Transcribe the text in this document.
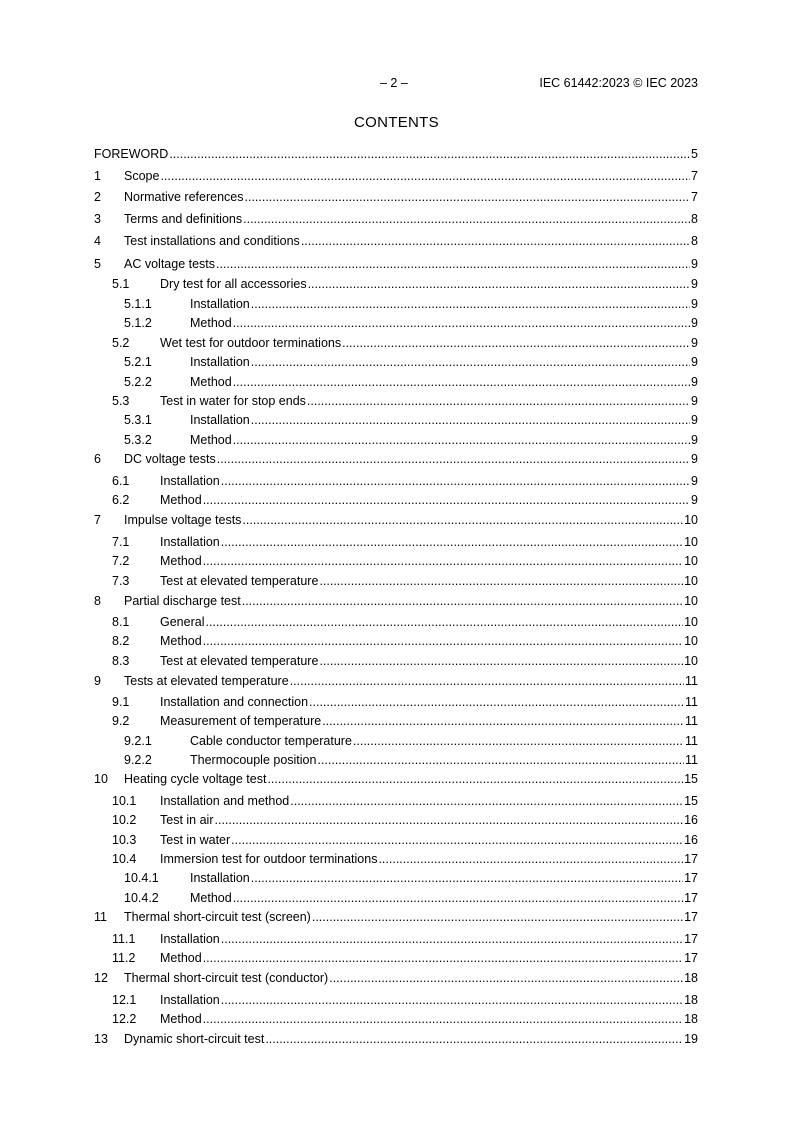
– 2 –	IEC 61442:2023 © IEC 2023
CONTENTS
FOREWORD .....	5
1	Scope .....	7
2	Normative references .....	7
3	Terms and definitions .....	8
4	Test installations and conditions .....	8
5	AC voltage tests .....	9
5.1	Dry test for all accessories .....	9
5.1.1	Installation .....	9
5.1.2	Method .....	9
5.2	Wet test for outdoor terminations .....	9
5.2.1	Installation .....	9
5.2.2	Method .....	9
5.3	Test in water for stop ends .....	9
5.3.1	Installation .....	9
5.3.2	Method .....	9
6	DC voltage tests .....	9
6.1	Installation .....	9
6.2	Method .....	9
7	Impulse voltage tests .....	10
7.1	Installation .....	10
7.2	Method .....	10
7.3	Test at elevated temperature .....	10
8	Partial discharge test .....	10
8.1	General .....	10
8.2	Method .....	10
8.3	Test at elevated temperature .....	10
9	Tests at elevated temperature .....	11
9.1	Installation and connection .....	11
9.2	Measurement of temperature .....	11
9.2.1	Cable conductor temperature .....	11
9.2.2	Thermocouple position .....	11
10	Heating cycle voltage test .....	15
10.1	Installation and method .....	15
10.2	Test in air .....	16
10.3	Test in water .....	16
10.4	Immersion test for outdoor terminations .....	17
10.4.1	Installation .....	17
10.4.2	Method .....	17
11	Thermal short-circuit test (screen) .....	17
11.1	Installation .....	17
11.2	Method .....	17
12	Thermal short-circuit test (conductor) .....	18
12.1	Installation .....	18
12.2	Method .....	18
13	Dynamic short-circuit test .....	19
